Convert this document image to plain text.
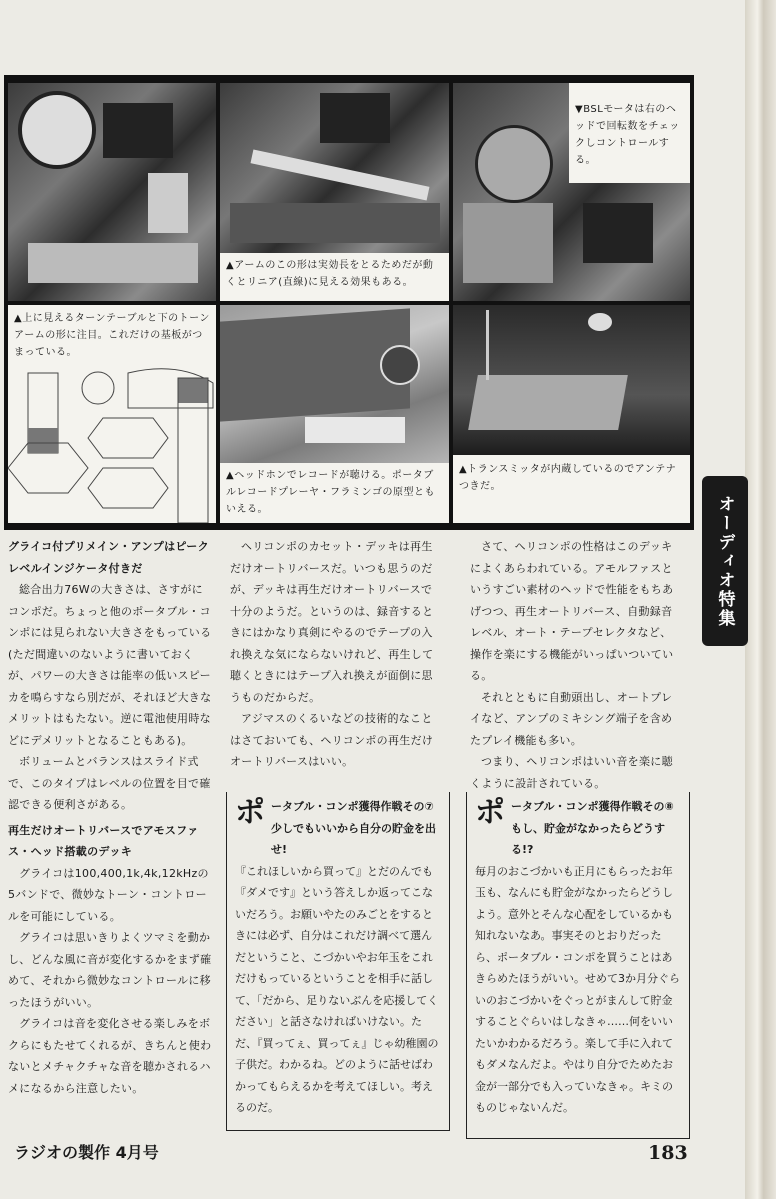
▲アームのこの形は実効長をとるためだが動くとリニア(直線)に見える効果もある。

▼BSLモータは右のヘッドで回転数をチェックしコントロールする。

▲上に見えるターンテーブルと下のトーンアームの形に注目。これだけの基板がつまっている。

▲ヘッドホンでレコードが聴ける。ポータブルレコードプレーヤ・フラミンゴの原型ともいえる。

▲トランスミッタが内蔵しているのでアンテナつきだ。

オーディオ特集

グライコ付プリメイン・アンプはピークレベルインジケータ付きだ

総合出力76Wの大きさは、さすがにコンポだ。ちょっと他のポータブル・コンポには見られない大きさをもっている(ただ間違いのないように書いておくが、パワーの大きさは能率の低いスピーカを鳴らすなら別だが、それほど大きなメリットはもたない。逆に電池使用時などにデメリットとなることもある)。

ボリュームとバランスはスライド式で、このタイプはレベルの位置を目で確認できる便利さがある。

再生だけオートリバースでアモスファス・ヘッド搭載のデッキ

グライコは100,400,1k,4k,12kHzの5バンドで、微妙なトーン・コントロールを可能にしている。

グライコは思いきりよくツマミを動かし、どんな風に音が変化するかをまず確めて、それから微妙なコントロールに移ったほうがいい。

グライコは音を変化させる楽しみをボクらにもたせてくれるが、きちんと使わないとメチャクチャな音を聴かされるハメになるから注意したい。

ヘリコンポのカセット・デッキは再生だけオートリバースだ。いつも思うのだが、デッキは再生だけオートリバースで十分のようだ。というのは、録音するときにはかなり真剣にやるのでテープの入れ換えな気にならないけれど、再生して聴くときにはテープ入れ換えが面倒に思うものだからだ。

アジマスのくるいなどの技術的なことはさておいても、ヘリコンポの再生だけオートリバースはいい。

ポ ータブル・コンポ獲得作戦その⑦　少しでもいいから自分の貯金を出せ!

『これほしいから買って』とだのんでも『ダメです』という答えしか返ってこないだろう。お願いやたのみごとをするときには必ず、自分はこれだけ調べて選んだということ、こづかいやお年玉をこれだけもっているということを相手に話して、「だから、足りないぶんを応援してください」と話さなければいけない。ただ、『買ってぇ、買ってぇ』じゃ幼稚園の子供だ。わかるね。どのように話せばわかってもらえるかを考えてほしい。考えるのだ。

さて、ヘリコンポの性格はこのデッキによくあらわれている。アモルファスというすごい素材のヘッドで性能をもちあげつつ、再生オートリバース、自動録音レベル、オート・テープセレクタなど、操作を楽にする機能がいっぱいついている。

それとともに自動頭出し、オートプレイなど、アンプのミキシング端子を含めたプレイ機能も多い。

つまり、ヘリコンポはいい音を楽に聴くように設計されている。

ポ ータブル・コンポ獲得作戦その⑧　もし、貯金がなかったらどうする!?

毎月のおこづかいも正月にもらったお年玉も、なんにも貯金がなかったらどうしよう。意外とそんな心配をしているかも知れないなあ。事実そのとおりだったら、ポータブル・コンポを買うことはあきらめたほうがいい。せめて3か月分ぐらいのおこづかいをぐっとがまんして貯金することぐらいはしなきゃ……何をいいたいかわかるだろう。楽して手に入れてもダメなんだよ。やはり自分でためたお金が一部分でも入っていなきゃ。キミのものじゃないんだ。

ラジオの製作 4月号	183
